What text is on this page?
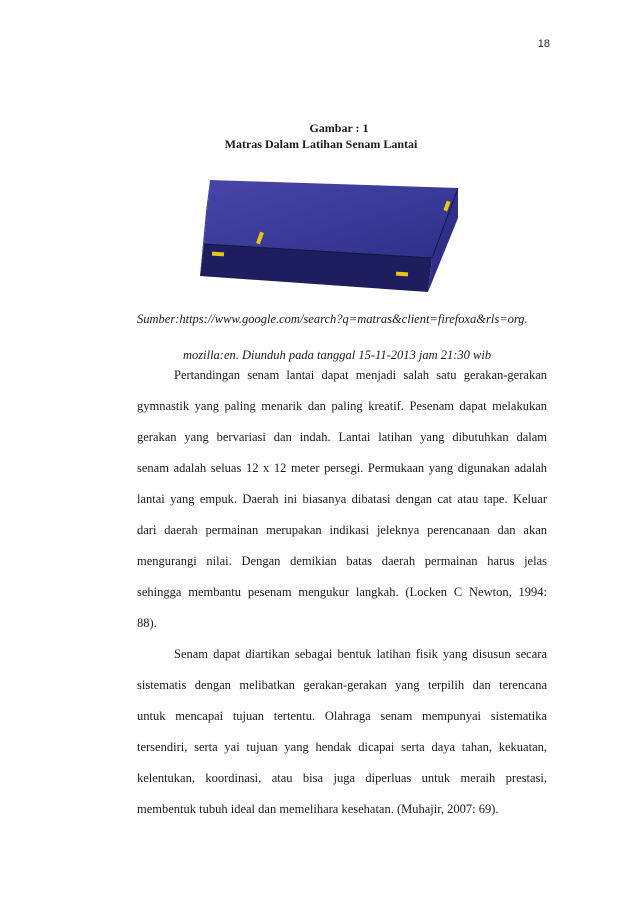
18
Gambar : 1
Matras Dalam Latihan Senam Lantai
Sumber:https://www.google.com/search?q=matras&client=firefoxa&rls=org.
mozilla:en. Diunduh pada tanggal 15-11-2013 jam 21:30 wib
Pertandingan senam lantai dapat menjadi salah satu gerakan-gerakan
gymnastik yang paling menarik dan paling kreatif. Pesenam dapat melakukan
gerakan yang bervariasi dan indah. Lantai latihan yang dibutuhkan dalam
senam adalah seluas 12 x 12 meter persegi. Permukaan yang digunakan adalah
lantai yang empuk. Daerah ini biasanya dibatasi dengan cat atau tape. Keluar
dari daerah permainan merupakan indikasi jeleknya perencanaan dan akan
mengurangi nilai. Dengan demikian batas daerah permainan harus jelas
sehingga membantu pesenam mengukur langkah. (Locken C Newton, 1994:
88).
Senam dapat diartikan sebagai bentuk latihan fisik yang disusun secara
sistematis dengan melibatkan gerakan-gerakan yang terpilih dan terencana
untuk mencapai tujuan tertentu. Olahraga senam mempunyai sistematika
tersendiri, serta yai tujuan yang hendak dicapai serta daya tahan, kekuatan,
kelentukan, koordinasi, atau bisa juga diperluas untuk meraih prestasi,
membentuk tubuh ideal dan memelihara kesehatan. (Muhajir, 2007: 69).
